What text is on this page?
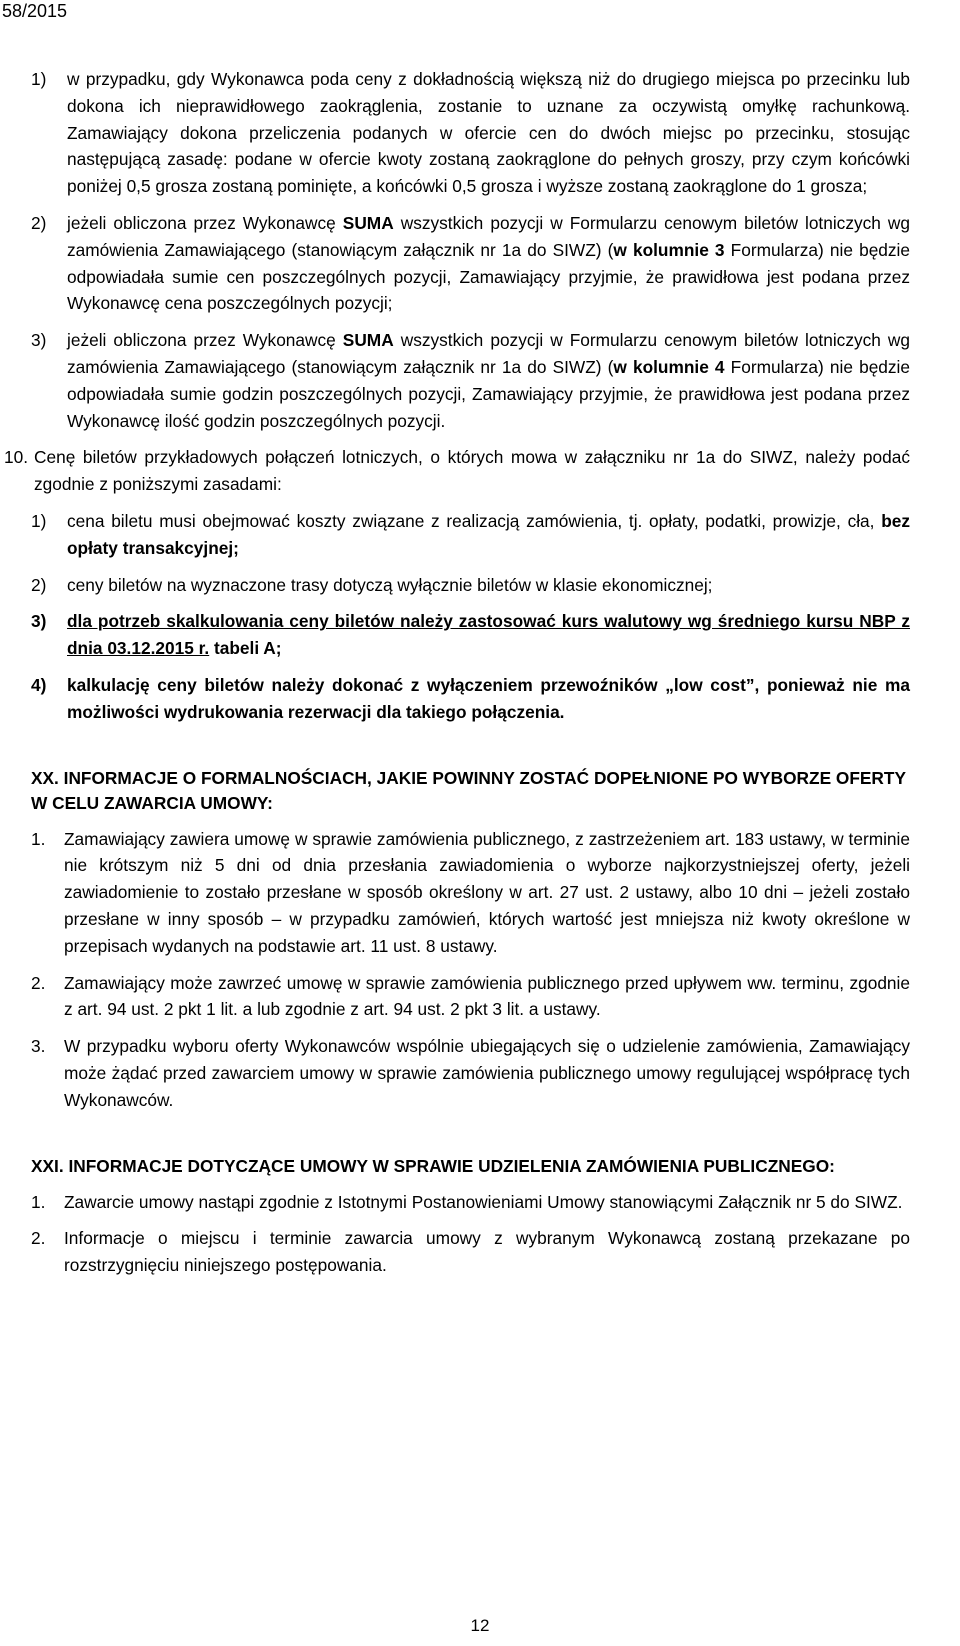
58/2015
1)	w przypadku, gdy Wykonawca poda ceny z dokładnością większą niż do drugiego miejsca po przecinku lub dokona ich nieprawidłowego zaokrąglenia, zostanie to uznane za oczywistą omyłkę rachunkową. Zamawiający dokona przeliczenia podanych w ofercie cen do dwóch miejsc po przecinku, stosując następującą zasadę: podane w ofercie kwoty zostaną zaokrąglone do pełnych groszy, przy czym końcówki poniżej 0,5 grosza zostaną pominięte, a końcówki 0,5 grosza i wyższe zostaną zaokrąglone do 1 grosza;
2)	jeżeli obliczona przez Wykonawcę SUMA wszystkich pozycji w Formularzu cenowym biletów lotniczych wg zamówienia Zamawiającego (stanowiącym załącznik nr 1a do SIWZ) (w kolumnie 3 Formularza) nie będzie odpowiadała sumie cen poszczególnych pozycji, Zamawiający przyjmie, że prawidłowa jest podana przez Wykonawcę cena poszczególnych pozycji;
3)	jeżeli obliczona przez Wykonawcę SUMA wszystkich pozycji w Formularzu cenowym biletów lotniczych wg zamówienia Zamawiającego (stanowiącym załącznik nr 1a do SIWZ) (w kolumnie 4 Formularza) nie będzie odpowiadała sumie godzin poszczególnych pozycji, Zamawiający przyjmie, że prawidłowa jest podana przez Wykonawcę ilość godzin poszczególnych pozycji.
10. Cenę biletów przykładowych połączeń lotniczych, o których mowa w załączniku nr 1a do SIWZ, należy podać zgodnie z poniższymi zasadami:
1)	cena biletu musi obejmować koszty związane z realizacją zamówienia, tj. opłaty, podatki, prowizje, cła, bez opłaty transakcyjnej;
2)	ceny biletów na wyznaczone trasy dotyczą wyłącznie biletów w klasie ekonomicznej;
3)	dla potrzeb skalkulowania ceny biletów należy zastosować kurs walutowy wg średniego kursu NBP z dnia 03.12.2015 r. tabeli A;
4)	kalkulację ceny biletów należy dokonać z wyłączeniem przewoźników „low cost”, ponieważ nie ma możliwości wydrukowania rezerwacji dla takiego połączenia.
XX. INFORMACJE O FORMALNOŚCIACH, JAKIE POWINNY ZOSTAĆ DOPEŁNIONE PO WYBORZE OFERTY W CELU ZAWARCIA UMOWY:
1.	Zamawiający zawiera umowę w sprawie zamówienia publicznego, z zastrzeżeniem art. 183 ustawy, w terminie nie krótszym niż 5 dni od dnia przesłania zawiadomienia o wyborze najkorzystniejszej oferty, jeżeli zawiadomienie to zostało przesłane w sposób określony w art. 27 ust. 2 ustawy, albo 10 dni – jeżeli zostało przesłane w inny sposób – w przypadku zamówień, których wartość jest mniejsza niż kwoty określone w przepisach wydanych na podstawie art. 11 ust. 8 ustawy.
2.	Zamawiający może zawrzeć umowę w sprawie zamówienia publicznego przed upływem ww. terminu, zgodnie z art. 94 ust. 2 pkt 1 lit. a lub zgodnie z art. 94 ust. 2 pkt 3 lit. a ustawy.
3.	W przypadku wyboru oferty Wykonawców wspólnie ubiegających się o udzielenie zamówienia, Zamawiający może żądać przed zawarciem umowy w sprawie zamówienia publicznego umowy regulującej współpracę tych Wykonawców.
XXI. INFORMACJE DOTYCZĄCE UMOWY W SPRAWIE UDZIELENIA ZAMÓWIENIA PUBLICZNEGO:
1.	Zawarcie umowy nastąpi zgodnie z Istotnymi Postanowieniami Umowy stanowiącymi Załącznik nr 5 do SIWZ.
2.	Informacje o miejscu i terminie zawarcia umowy z wybranym Wykonawcą zostaną przekazane po rozstrzygnięciu niniejszego postępowania.
12
